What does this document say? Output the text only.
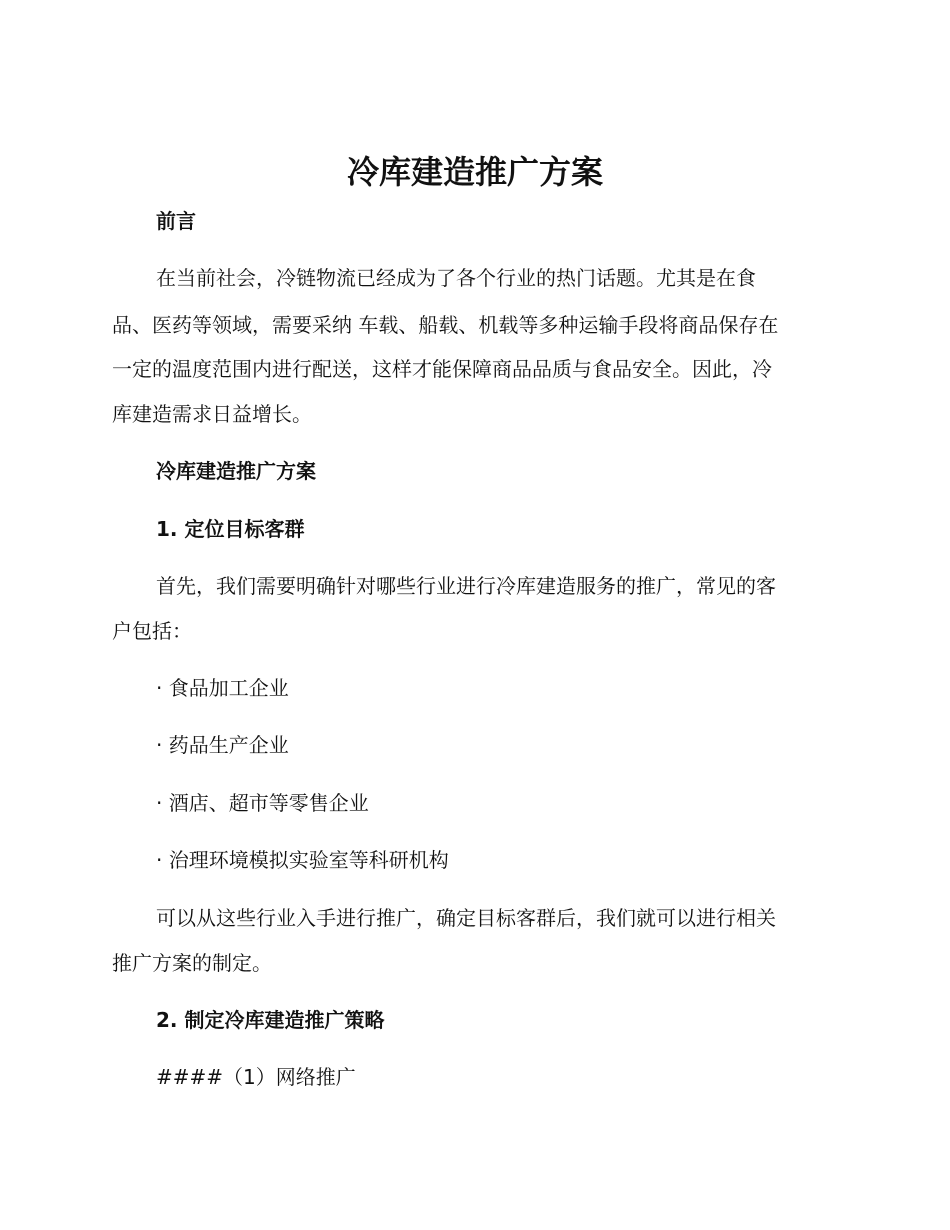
冷库建造推广方案

前言

在当前社会，冷链物流已经成为了各个行业的热门话题。尤其是在食

品、医药等领域，需要采纳 车载、船载、机载等多种运输手段将商品保存在

一定的温度范围内进行配送，这样才能保障商品品质与食品安全。因此，冷

库建造需求日益增长。

冷库建造推广方案

1. 定位目标客群

首先，我们需要明确针对哪些行业进行冷库建造服务的推广，常见的客

户包括：

· 食品加工企业

· 药品生产企业

· 酒店、超市等零售企业

· 治理环境模拟实验室等科研机构

可以从这些行业入手进行推广，确定目标客群后，我们就可以进行相关

推广方案的制定。

2. 制定冷库建造推广策略

####（1）网络推广
